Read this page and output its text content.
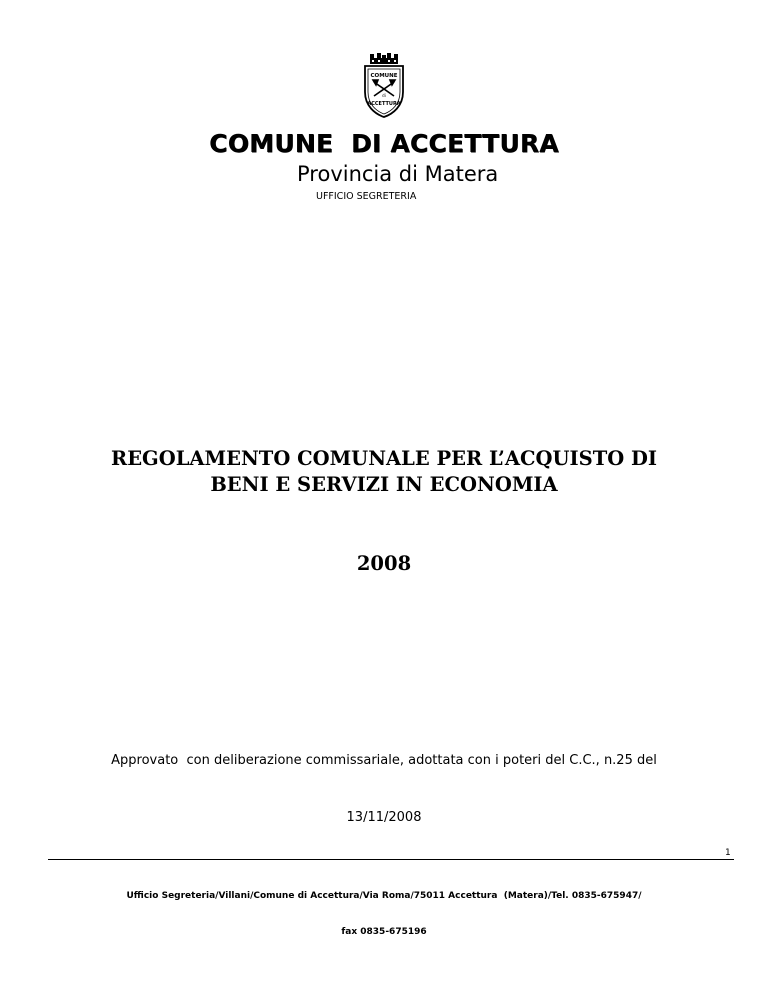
COMUNE
di
ACCETTURA
COMUNE  DI ACCETTURA
Provincia di Matera
UFFICIO SEGRETERIA
REGOLAMENTO COMUNALE PER L’ACQUISTO DI
BENI E SERVIZI IN ECONOMIA
2008

Approvato  con deliberazione commissariale, adottata con i poteri del C.C., n.25 del

13/11/2008

1

Ufficio Segreteria/Villani/Comune di Accettura/Via Roma/75011 Accettura  (Matera)/Tel. 0835-675947/

fax 0835-675196
